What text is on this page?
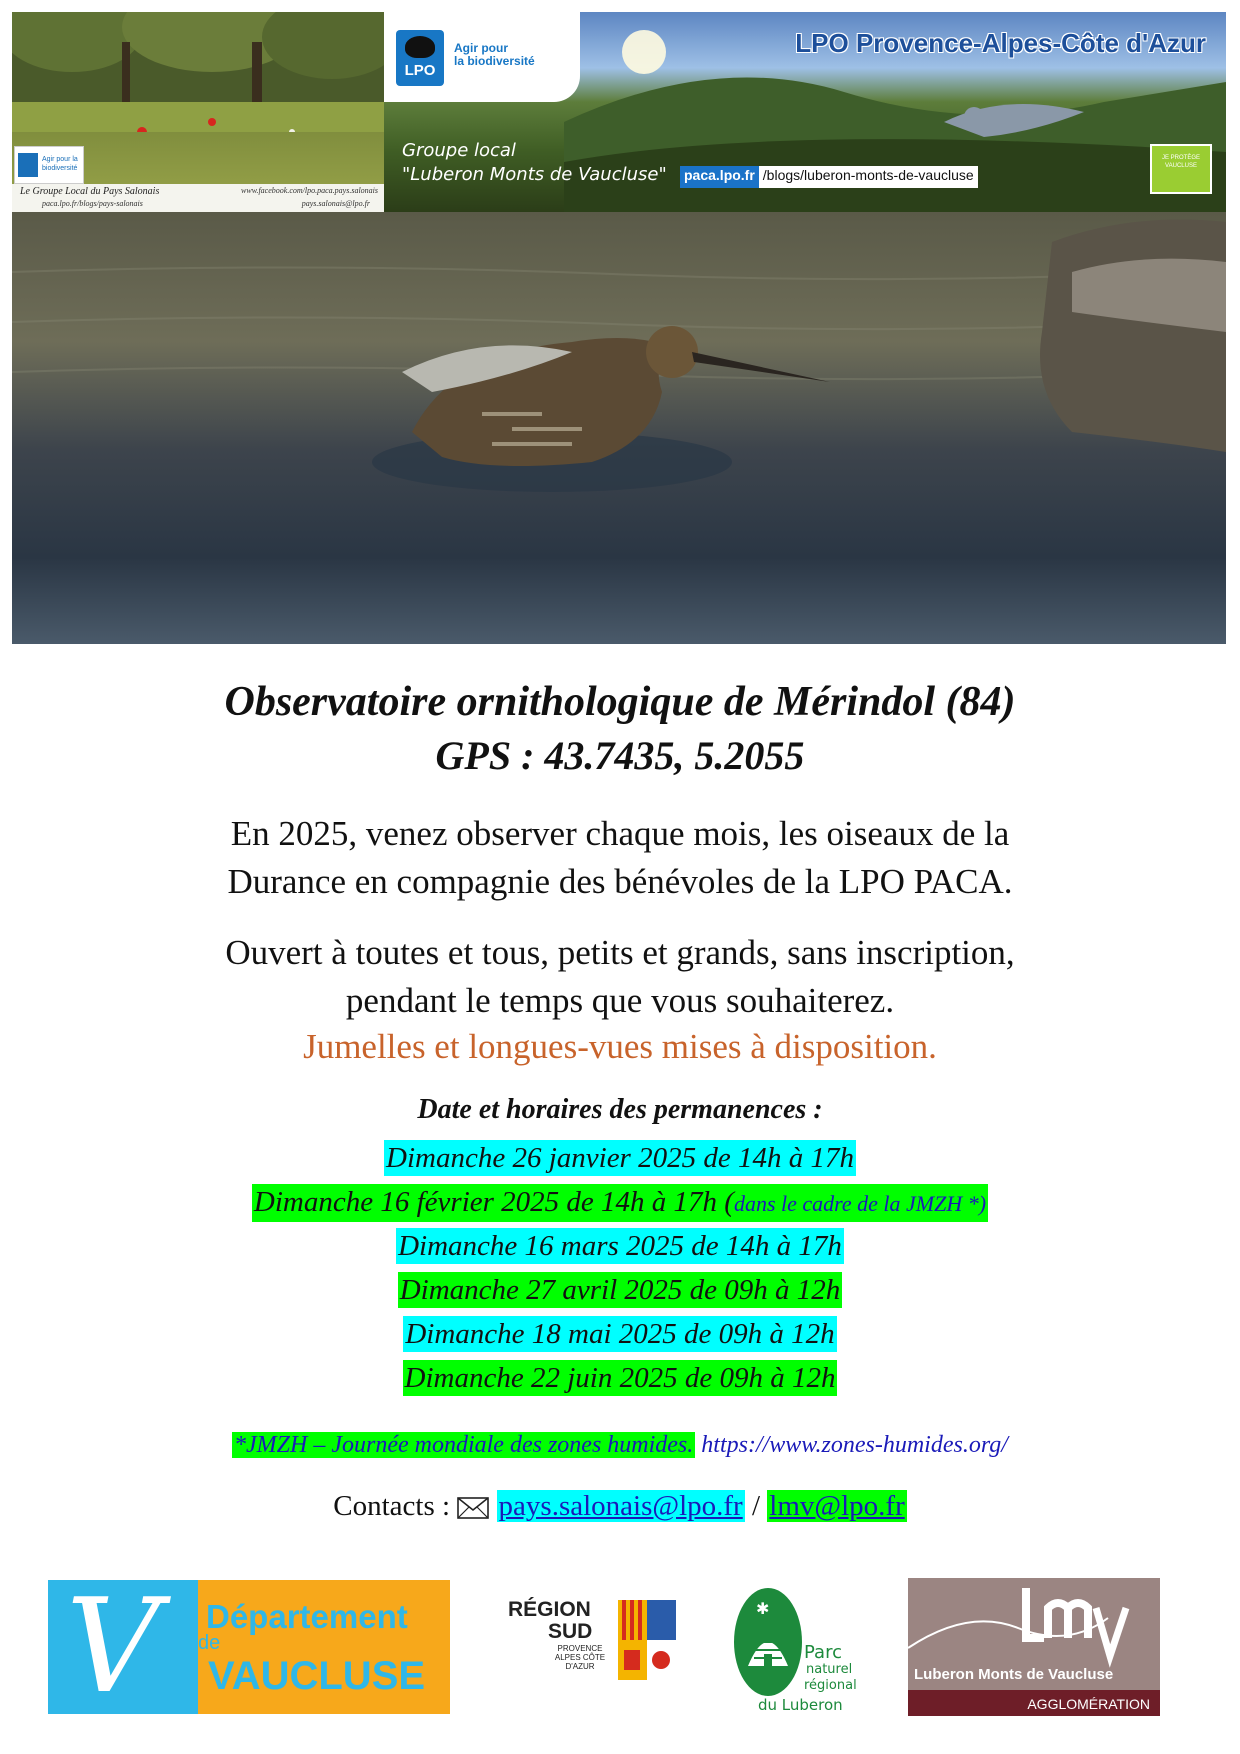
Agir pour la biodiversité
Le Groupe Local du Pays Salonais	www.facebook.com/lpo.paca.pays.salonais
paca.lpo.fr/blogs/pays-salonais	pays.salonais@lpo.fr
LPO
Agir pour
la biodiversité
LPO Provence-Alpes-Côte d'Azur
Groupe local
"Luberon Monts de Vaucluse" paca.lpo.fr /blogs/luberon-monts-de-vaucluse
JE PROTÈGE VAUCLUSE
Observatoire ornithologique de Mérindol (84)
GPS : 43.7435, 5.2055
En 2025, venez observer chaque mois, les oiseaux de la
Durance en compagnie des bénévoles de la LPO PACA.
Ouvert à toutes et tous, petits et grands, sans inscription,
pendant le temps que vous souhaiterez.
Jumelles et longues-vues mises à disposition.
Date et horaires des permanences :
Dimanche 26 janvier 2025 de 14h à 17h
Dimanche 16 février 2025 de 14h à 17h (dans le cadre de la JMZH *)
Dimanche 16 mars 2025 de 14h à 17h
Dimanche 27 avril 2025 de 09h à 12h
Dimanche 18 mai 2025 de 09h à 12h
Dimanche 22 juin 2025 de 09h à 12h
*JMZH – Journée mondiale des zones humides. https://www.zones-humides.org/
Contacts : pays.salonais@lpo.fr / lmv@lpo.fr
V Département
de
VAUCLUSE
RÉGION
SUD
PROVENCE ALPES CÔTE D'AZUR
✱
Parc
naturel
régional
du Luberon
Luberon Monts de Vaucluse
AGGLOMÉRATION
